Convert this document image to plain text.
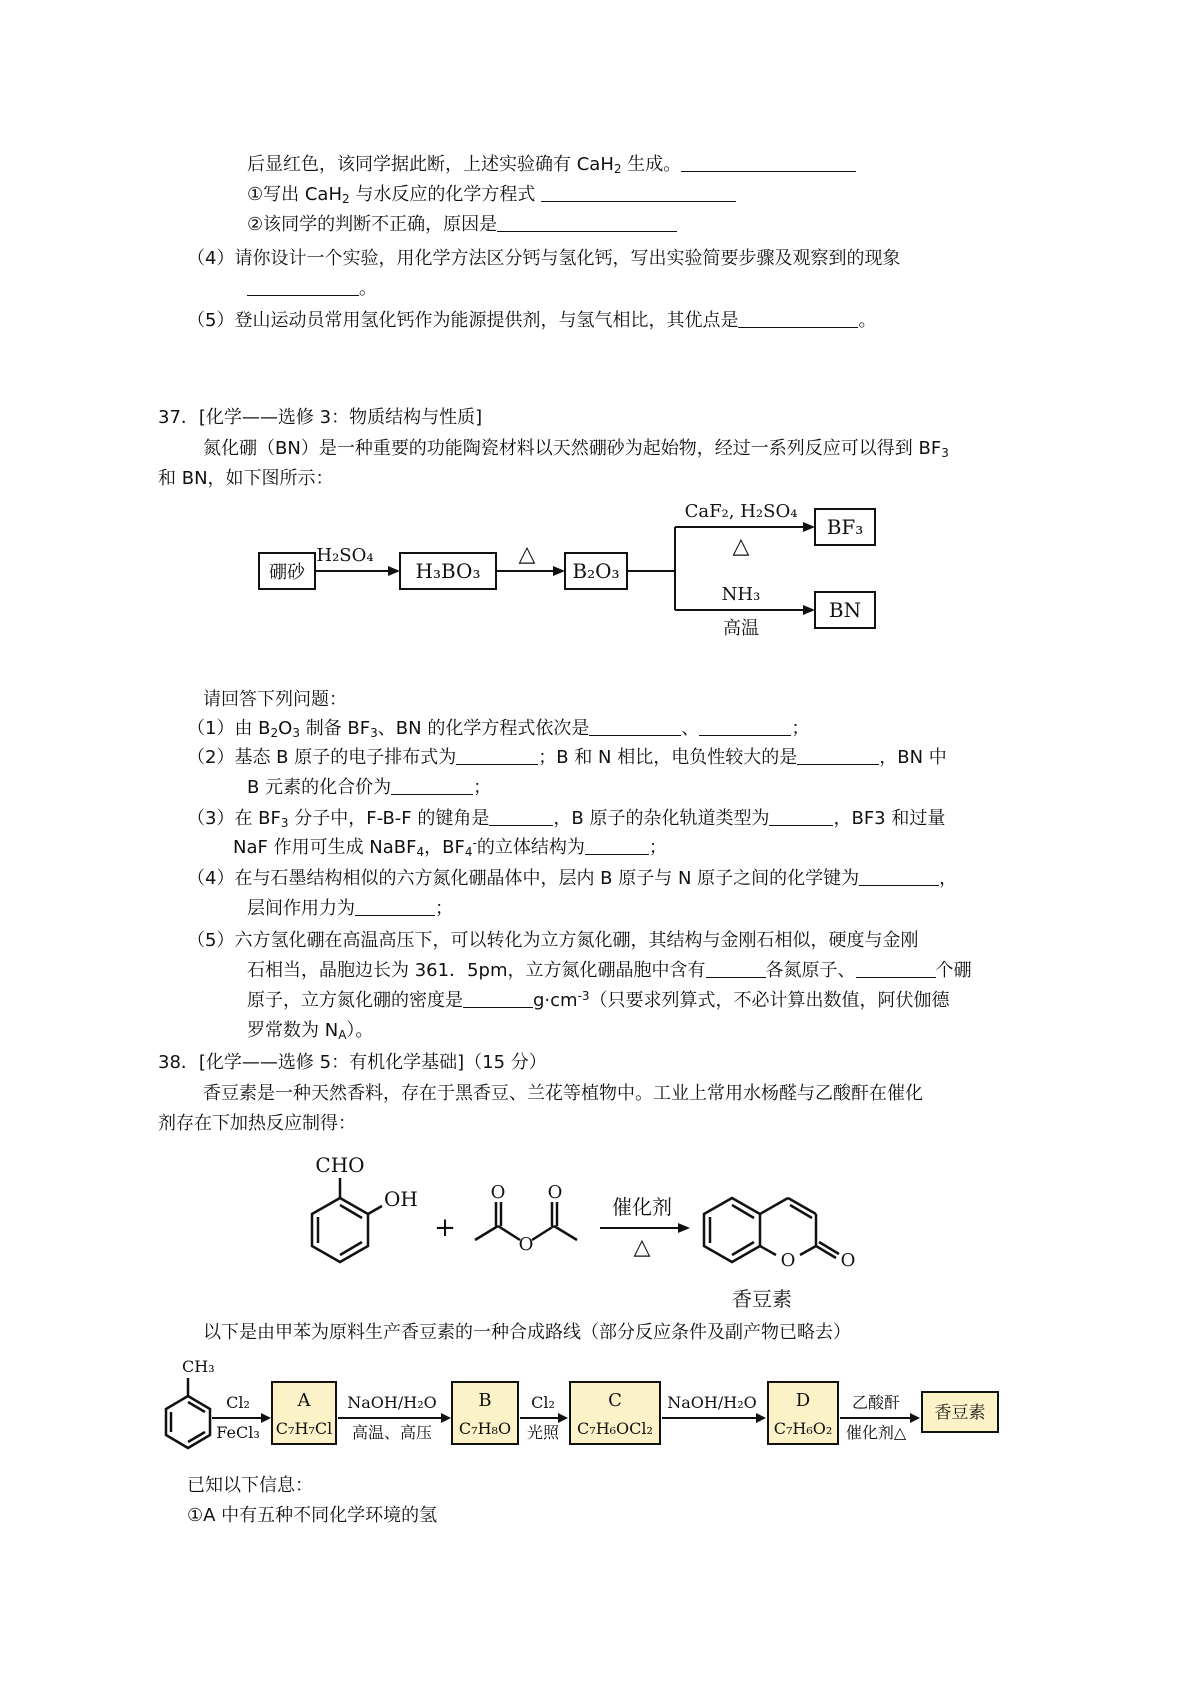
后显红色，该同学据此断，上述实验确有 CaH$_2$ 生成。
①写出 CaH$_2$ 与水反应的化学方程式
②该同学的判断不正确，原因是
（4）请你设计一个实验，用化学方法区分钙与氢化钙，写出实验简要步骤及观察到的现象
。
（5）登山运动员常用氢化钙作为能源提供剂，与氢气相比，其优点是	。
37．[化学——选修 3：物质结构与性质]
氮化硼（BN）是一种重要的功能陶瓷材料以天然硼砂为起始物，经过一系列反应可以得到 $BF_3$
和 BN，如下图所示：
硼砂
H₂SO₄
H₃BO₃
△
B₂O₃
CaF₂, H₂SO₄
△
BF₃
NH₃
高温
BN
请回答下列问题：
（1）由 $B_2O_3$ 制备 $BF_3$、BN 的化学方程式依次是	、	；
（2）基态 B 原子的电子排布式为	；B 和 N 相比，电负性较大的是	，BN 中
B 元素的化合价为	；
（3）在 $BF_3$ 分子中，F-B-F 的键角是	，B 原子的杂化轨道类型为	，BF3 和过量
NaF 作用可生成 NaBF$_4$，$BF_4^-$的立体结构为	；
（4）在与石墨结构相似的六方氮化硼晶体中，层内 B 原子与 N 原子之间的化学键为	，
层间作用力为	；
（5）六方氢化硼在高温高压下，可以转化为立方氮化硼，其结构与金刚石相似，硬度与金刚
石相当，晶胞边长为 361．5pm，立方氮化硼晶胞中含有	各氮原子、	个硼
原子，立方氮化硼的密度是	$g\cdot cm^{-3}$（只要求列算式，不必计算出数值，阿伏伽德
罗常数为 $N_A$）。
38．[化学——选修 5：有机化学基础]（15 分）
香豆素是一种天然香料，存在于黑香豆、兰花等植物中。工业上常用水杨醛与乙酸酐在催化
剂存在下加热反应制得：
CHO
OH
+
O
O
O
催化剂
△
O	O
香豆素
以下是由甲苯为原料生产香豆素的一种合成路线（部分反应条件及副产物已略去）
CH₃
Cl₂
FeCl₃
A
C₇H₇Cl
NaOH/H₂O
高温、高压
B
C₇H₈O
Cl₂
光照
C
C₇H₆OCl₂
NaOH/H₂O D
C₇H₆O₂
乙酸酐
催化剂△
香豆素
已知以下信息：
①A 中有五种不同化学环境的氢
